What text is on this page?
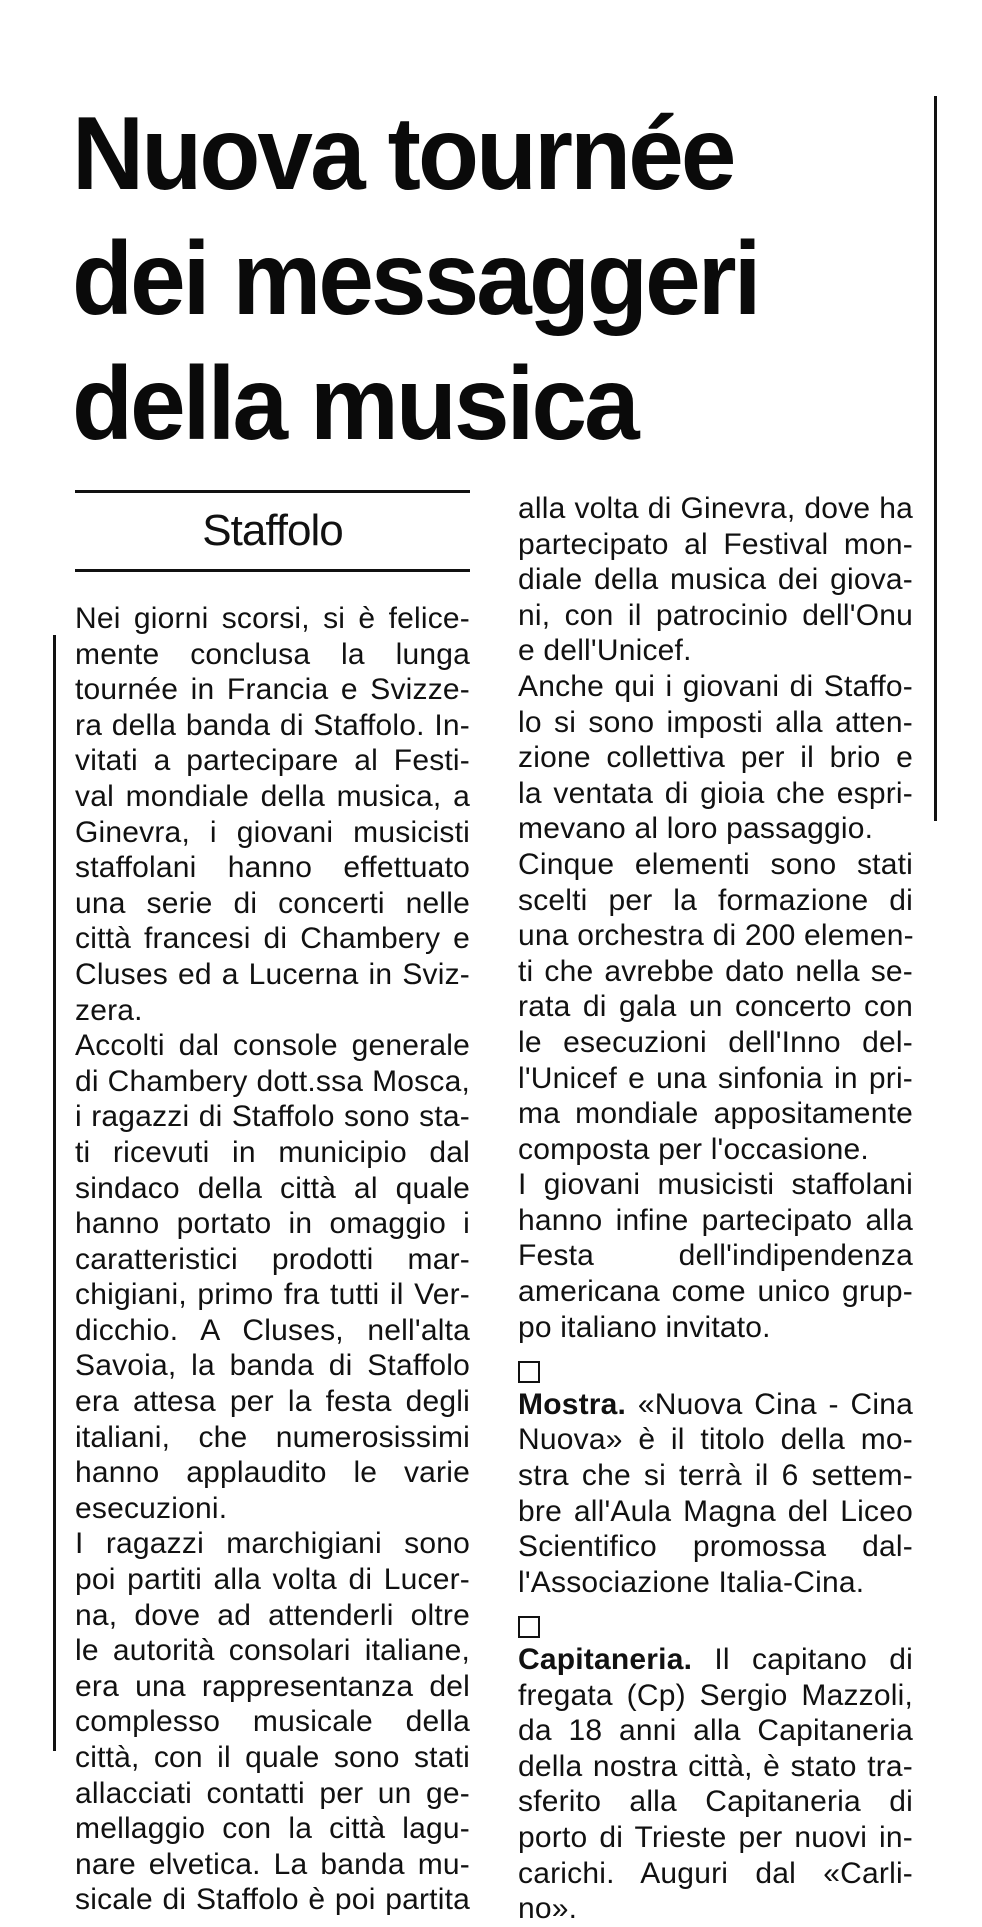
Nuova tournée
dei messaggeri
della musica
Staffolo
Nei giorni scorsi, si è felice-
mente conclusa la lunga
tournée in Francia e Svizze-
ra della banda di Staffolo. In-
vitati a partecipare al Festi-
val mondiale della musica, a
Ginevra, i giovani musicisti
staffolani hanno effettuato
una serie di concerti nelle
città francesi di Chambery e
Cluses ed a Lucerna in Sviz-
zera.
Accolti dal console generale
di Chambery dott.ssa Mosca,
i ragazzi di Staffolo sono sta-
ti ricevuti in municipio dal
sindaco della città al quale
hanno portato in omaggio i
caratteristici prodotti mar-
chigiani, primo fra tutti il Ver-
dicchio. A Cluses, nell'alta
Savoia, la banda di Staffolo
era attesa per la festa degli
italiani, che numerosissimi
hanno applaudito le varie
esecuzioni.
I ragazzi marchigiani sono
poi partiti alla volta di Lucer-
na, dove ad attenderli oltre
le autorità consolari italiane,
era una rappresentanza del
complesso musicale della
città, con il quale sono stati
allacciati contatti per un ge-
mellaggio con la città lagu-
nare elvetica. La banda mu-
sicale di Staffolo è poi partita
alla volta di Ginevra, dove ha
partecipato al Festival mon-
diale della musica dei giova-
ni, con il patrocinio dell'Onu
e dell'Unicef.
Anche qui i giovani di Staffo-
lo si sono imposti alla atten-
zione collettiva per il brio e
la ventata di gioia che espri-
mevano al loro passaggio.
Cinque elementi sono stati
scelti per la formazione di
una orchestra di 200 elemen-
ti che avrebbe dato nella se-
rata di gala un concerto con
le esecuzioni dell'Inno del-
l'Unicef e una sinfonia in pri-
ma mondiale appositamente
composta per l'occasione.
I giovani musicisti staffolani
hanno infine partecipato alla
Festa dell'indipendenza
americana come unico grup-
po italiano invitato.
Mostra. «Nuova Cina - Cina
Nuova» è il titolo della mo-
stra che si terrà il 6 settem-
bre all'Aula Magna del Liceo
Scientifico promossa dal-
l'Associazione Italia-Cina.
Capitaneria. Il capitano di
fregata (Cp) Sergio Mazzoli,
da 18 anni alla Capitaneria
della nostra città, è stato tra-
sferito alla Capitaneria di
porto di Trieste per nuovi in-
carichi. Auguri dal «Carli-
no».
